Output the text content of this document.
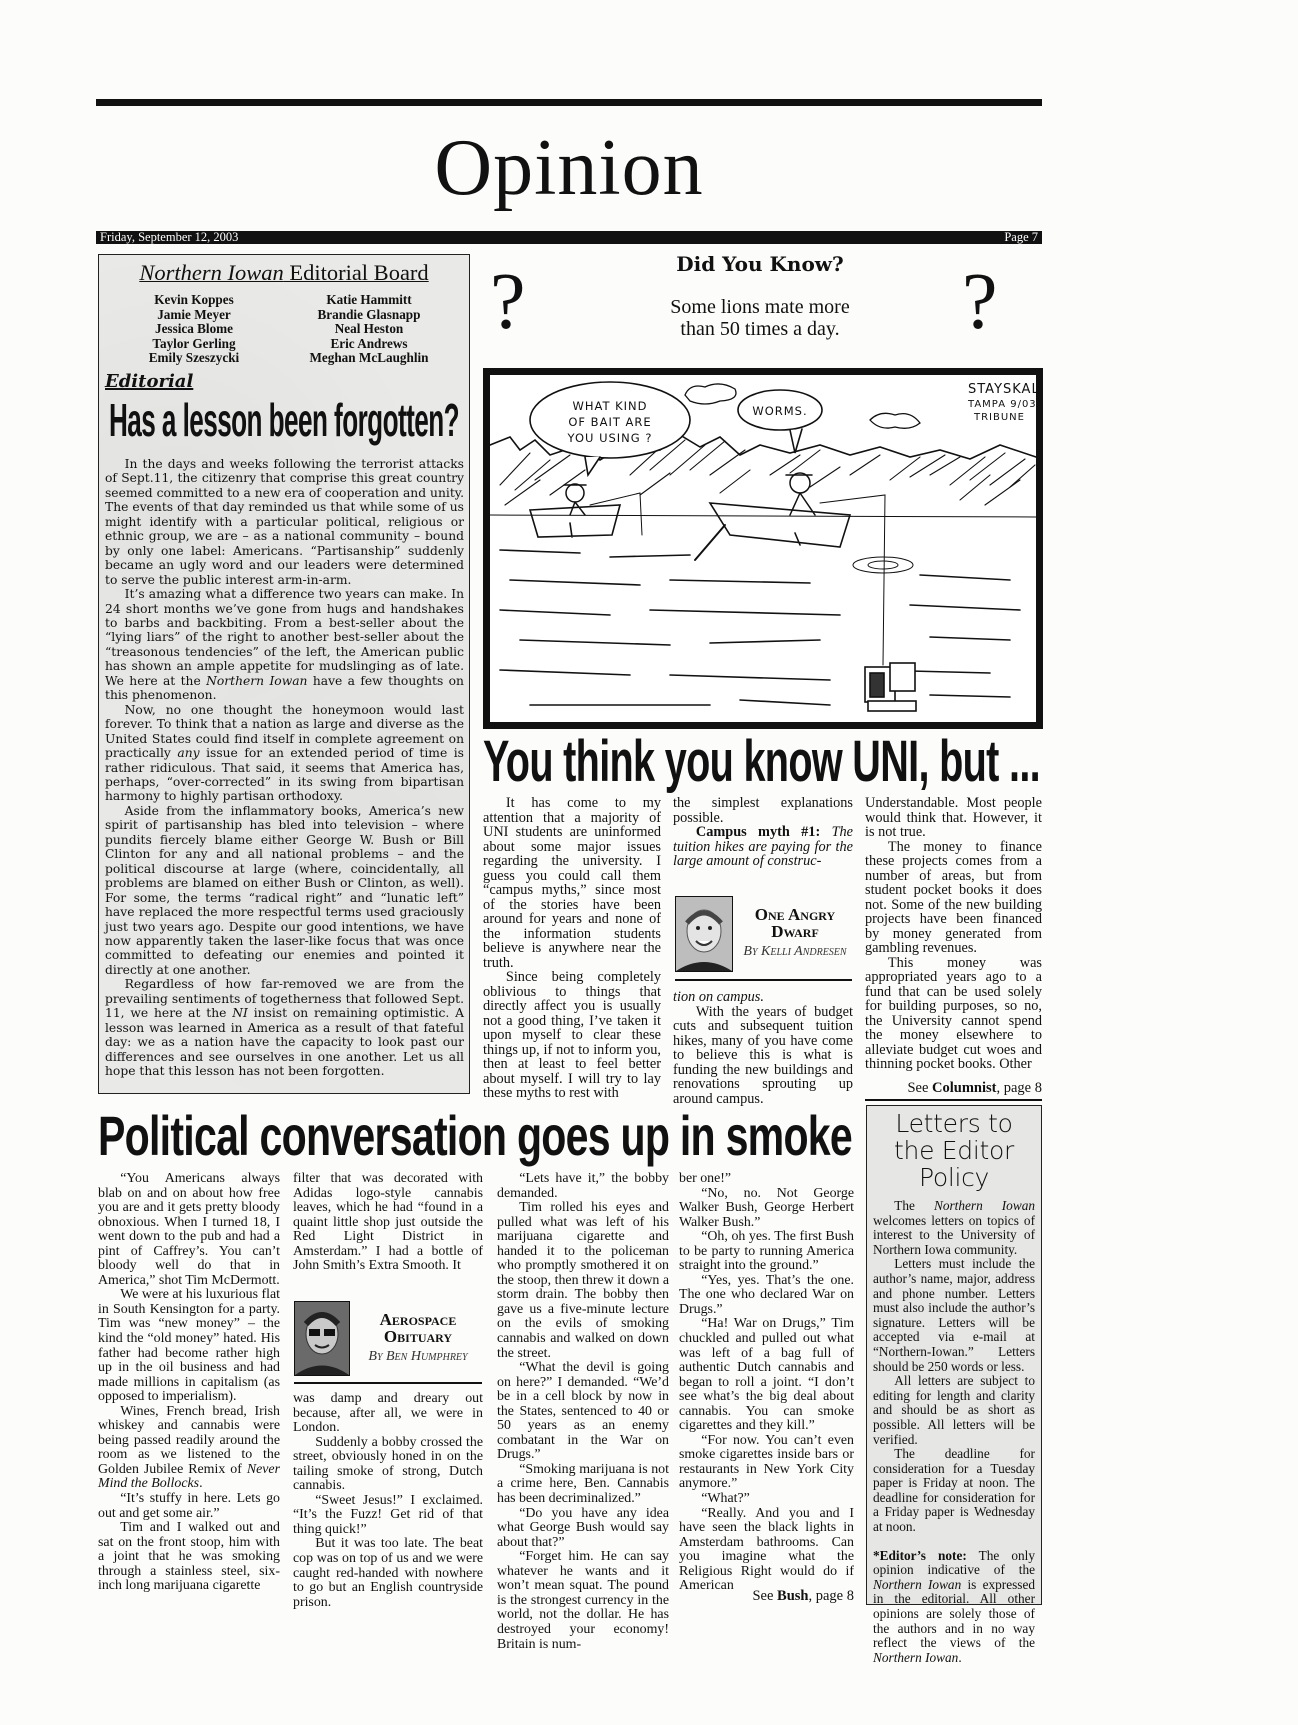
Opinion
Friday, September 12, 2003	Page 7
Northern Iowan Editorial Board
Kevin Koppes
Jamie Meyer
Jessica Blome
Taylor Gerling
Emily Szeszycki
Katie Hammitt
Brandie Glasnapp
Neal Heston
Eric Andrews
Meghan McLaughlin
Editorial
Has a lesson been forgotten?

In the days and weeks following the terrorist attacks of Sept.11, the citizenry that comprise this great country seemed committed to a new era of cooperation and unity. The events of that day reminded us that while some of us might identify with a particular political, religious or ethnic group, we are – as a national community – bound by only one label: Americans. “Partisanship” suddenly became an ugly word and our leaders were determined to serve the public interest arm-in-arm.

It’s amazing what a difference two years can make. In 24 short months we’ve gone from hugs and handshakes to barbs and backbiting. From a best-seller about the “lying liars” of the right to another best-seller about the “treasonous tendencies” of the left, the American public has shown an ample appetite for mudslinging as of late. We here at the Northern Iowan have a few thoughts on this phenomenon.

Now, no one thought the honeymoon would last forever. To think that a nation as large and diverse as the United States could find itself in complete agreement on practically any issue for an extended period of time is rather ridiculous. That said, it seems that America has, perhaps, “over-corrected” in its swing from bipartisan harmony to highly partisan orthodoxy.

Aside from the inflammatory books, America’s new spirit of partisanship has bled into television – where pundits fiercely blame either George W. Bush or Bill Clinton for any and all national problems – and the political discourse at large (where, coincidentally, all problems are blamed on either Bush or Clinton, as well). For some, the terms “radical right” and “lunatic left” have replaced the more respectful terms used graciously just two years ago. Despite our good intentions, we have now apparently taken the laser-like focus that was once committed to defeating our enemies and pointed it directly at one another.

Regardless of how far-removed we are from the prevailing sentiments of togetherness that followed Sept. 11, we here at the NI insist on remaining optimistic. A lesson was learned in America as a result of that fateful day: we as a nation have the capacity to look past our differences and see ourselves in one another. Let us all hope that this lesson has not been forgotten.

?	?
Did You Know?
Some lions mate more
than 50 times a day.
WHAT KIND
OF BAIT ARE
YOU USING ?
WORMS.
STAYSKAL
TAMPA 9/03
TRIBUNE
You think you know UNI, but ...

It has come to my attention that a majority of UNI students are uninformed about some major issues regarding the university. I guess you could call them “campus myths,” since most of the stories have been around for years and none of the information students believe is anywhere near the truth.

Since being completely oblivious to things that directly affect you is usually not a good thing, I’ve taken it upon myself to clear these things up, if not to inform you, then at least to feel better about myself. I will try to lay these myths to rest with

the simplest explanations possible.

Campus myth #1: The tuition hikes are paying for the large amount of construc-

One Angry Dwarf
By Kelli Andresen

tion on campus.

With the years of budget cuts and subsequent tuition hikes, many of you have come to believe this is what is funding the new buildings and renovations sprouting up around campus.

Understandable. Most people would think that. However, it is not true.

The money to finance these projects comes from a number of areas, but from student pocket books it does not. Some of the new building projects have been financed by money generated from gambling revenues.

This money was appropriated years ago to a fund that can be used solely for building purposes, so no, the University cannot spend the money elsewhere to alleviate budget cut woes and thinning pocket books. Other

See Columnist, page 8
Political conversation goes up in smoke

“You Americans always blab on and on about how free you are and it gets pretty bloody obnoxious. When I turned 18, I went down to the pub and had a pint of Caffrey’s. You can’t bloody well do that in America,” shot Tim McDermott.

We were at his luxurious flat in South Kensington for a party. Tim was “new money” – the kind the “old money” hated. His father had become rather high up in the oil business and had made millions in capitalism (as opposed to imperialism).

Wines, French bread, Irish whiskey and cannabis were being passed readily around the room as we listened to the Golden Jubilee Remix of Never Mind the Bollocks.

“It’s stuffy in here. Lets go out and get some air.”

Tim and I walked out and sat on the front stoop, him with a joint that he was smoking through a stainless steel, six-inch long marijuana cigarette

filter that was decorated with Adidas logo-style cannabis leaves, which he had “found in a quaint little shop just outside the Red Light District in Amsterdam.” I had a bottle of John Smith’s Extra Smooth. It

Aerospace Obituary
By Ben Humphrey

was damp and dreary out because, after all, we were in London.

Suddenly a bobby crossed the street, obviously honed in on the tailing smoke of strong, Dutch cannabis.

“Sweet Jesus!” I exclaimed. “It’s the Fuzz! Get rid of that thing quick!”

But it was too late. The beat cop was on top of us and we were caught red-handed with nowhere to go but an English countryside prison.

“Lets have it,” the bobby demanded.

Tim rolled his eyes and pulled what was left of his marijuana cigarette and handed it to the policeman who promptly smothered it on the stoop, then threw it down a storm drain. The bobby then gave us a five-minute lecture on the evils of smoking cannabis and walked on down the street.

“What the devil is going on here?” I demanded. “We’d be in a cell block by now in the States, sentenced to 40 or 50 years as an enemy combatant in the War on Drugs.”

“Smoking marijuana is not a crime here, Ben. Cannabis has been decriminalized.”

“Do you have any idea what George Bush would say about that?”

“Forget him. He can say whatever he wants and it won’t mean squat. The pound is the strongest currency in the world, not the dollar. He has destroyed your economy! Britain is num-

ber one!”

“No, no. Not George Walker Bush, George Herbert Walker Bush.”

“Oh, oh yes. The first Bush to be party to running America straight into the ground.”

“Yes, yes. That’s the one. The one who declared War on Drugs.”

“Ha! War on Drugs,” Tim chuckled and pulled out what was left of a bag full of authentic Dutch cannabis and began to roll a joint. “I don’t see what’s the big deal about cannabis. You can smoke cigarettes and they kill.”

“For now. You can’t even smoke cigarettes inside bars or restaurants in New York City anymore.”

“What?”

“Really. And you and I have seen the black lights in Amsterdam bathrooms. Can you imagine what the Religious Right would do if American

See Bush, page 8
Letters to
the Editor
Policy

The Northern Iowan welcomes letters on topics of interest to the University of Northern Iowa community.

Letters must include the author’s name, major, address and phone number. Letters must also include the author’s signature. Letters will be accepted via e-mail at “Northern-Iowan.” Letters should be 250 words or less.

All letters are subject to editing for length and clarity and should be as short as possible. All letters will be verified.

The deadline for consideration for a Tuesday paper is Friday at noon. The deadline for consideration for a Friday paper is Wednesday at noon.

*Editor’s note: The only opinion indicative of the Northern Iowan is expressed in the editorial. All other opinions are solely those of the authors and in no way reflect the views of the Northern Iowan.
